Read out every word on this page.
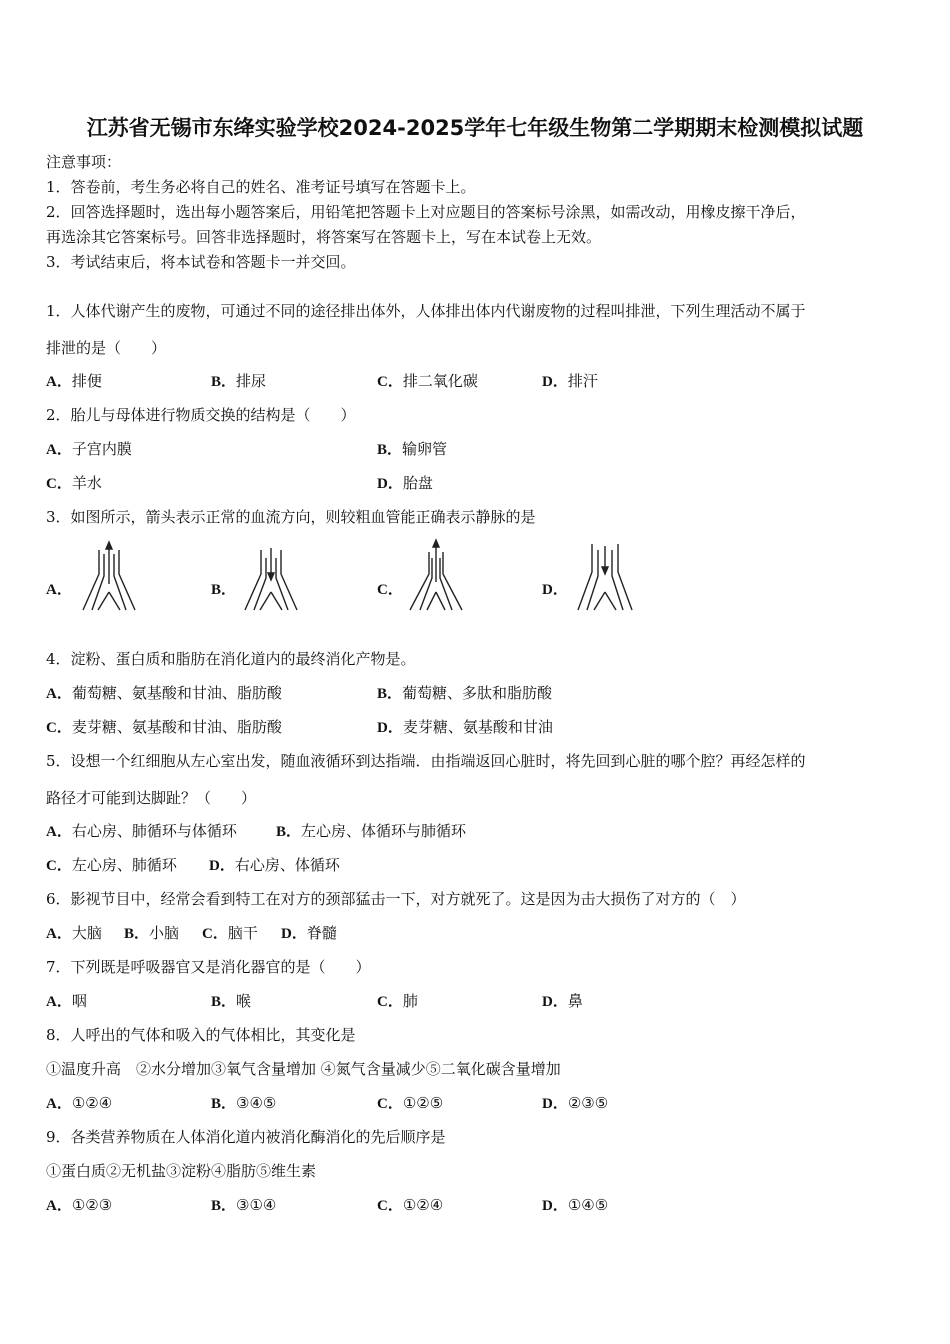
江苏省无锡市东绛实验学校2024-2025学年七年级生物第二学期期末检测模拟试题
注意事项：
1．答卷前，考生务必将自己的姓名、准考证号填写在答题卡上。
2．回答选择题时，选出每小题答案后，用铅笔把答题卡上对应题目的答案标号涂黑，如需改动，用橡皮擦干净后，
再选涂其它答案标号。回答非选择题时，将答案写在答题卡上，写在本试卷上无效。
3．考试结束后，将本试卷和答题卡一并交回。
1．人体代谢产生的废物，可通过不同的途径排出体外，人体排出体内代谢废物的过程叫排泄，下列生理活动不属于
排泄的是（　　）
A．排便	B．排尿	C．排二氧化碳	D．排汗
2．胎儿与母体进行物质交换的结构是（　　）
A．子宫内膜	B．输卵管
C．羊水	D．胎盘
3．如图所示，箭头表示正常的血流方向，则较粗血管能正确表示静脉的是
A．	B．	C．	D．
4．淀粉、蛋白质和脂肪在消化道内的最终消化产物是。
A．葡萄糖、氨基酸和甘油、脂肪酸	B．葡萄糖、多肽和脂肪酸
C．麦芽糖、氨基酸和甘油、脂肪酸	D．麦芽糖、氨基酸和甘油
5．设想一个红细胞从左心室出发，随血液循环到达指端．由指端返回心脏时，将先回到心脏的哪个腔？再经怎样的
路径才可能到达脚趾？（　　）
A．右心房、肺循环与体循环	B．左心房、体循环与肺循环
C．左心房、肺循环 D．右心房、体循环
6．影视节目中，经常会看到特工在对方的颈部猛击一下，对方就死了。这是因为击大损伤了对方的（　）
A．大脑 B．小脑 C．脑干 D．脊髓
7．下列既是呼吸器官又是消化器官的是（　　）
A．咽	B．喉	C．肺	D．鼻
8．人呼出的气体和吸入的气体相比，其变化是
①温度升高　②水分增加③氧气含量增加 ④氮气含量减少⑤二氧化碳含量增加
A．①②④	B．③④⑤	C．①②⑤	D．②③⑤
9．各类营养物质在人体消化道内被消化酶消化的先后顺序是
①蛋白质②无机盐③淀粉④脂肪⑤维生素
A．①②③	B．③①④	C．①②④	D．①④⑤
